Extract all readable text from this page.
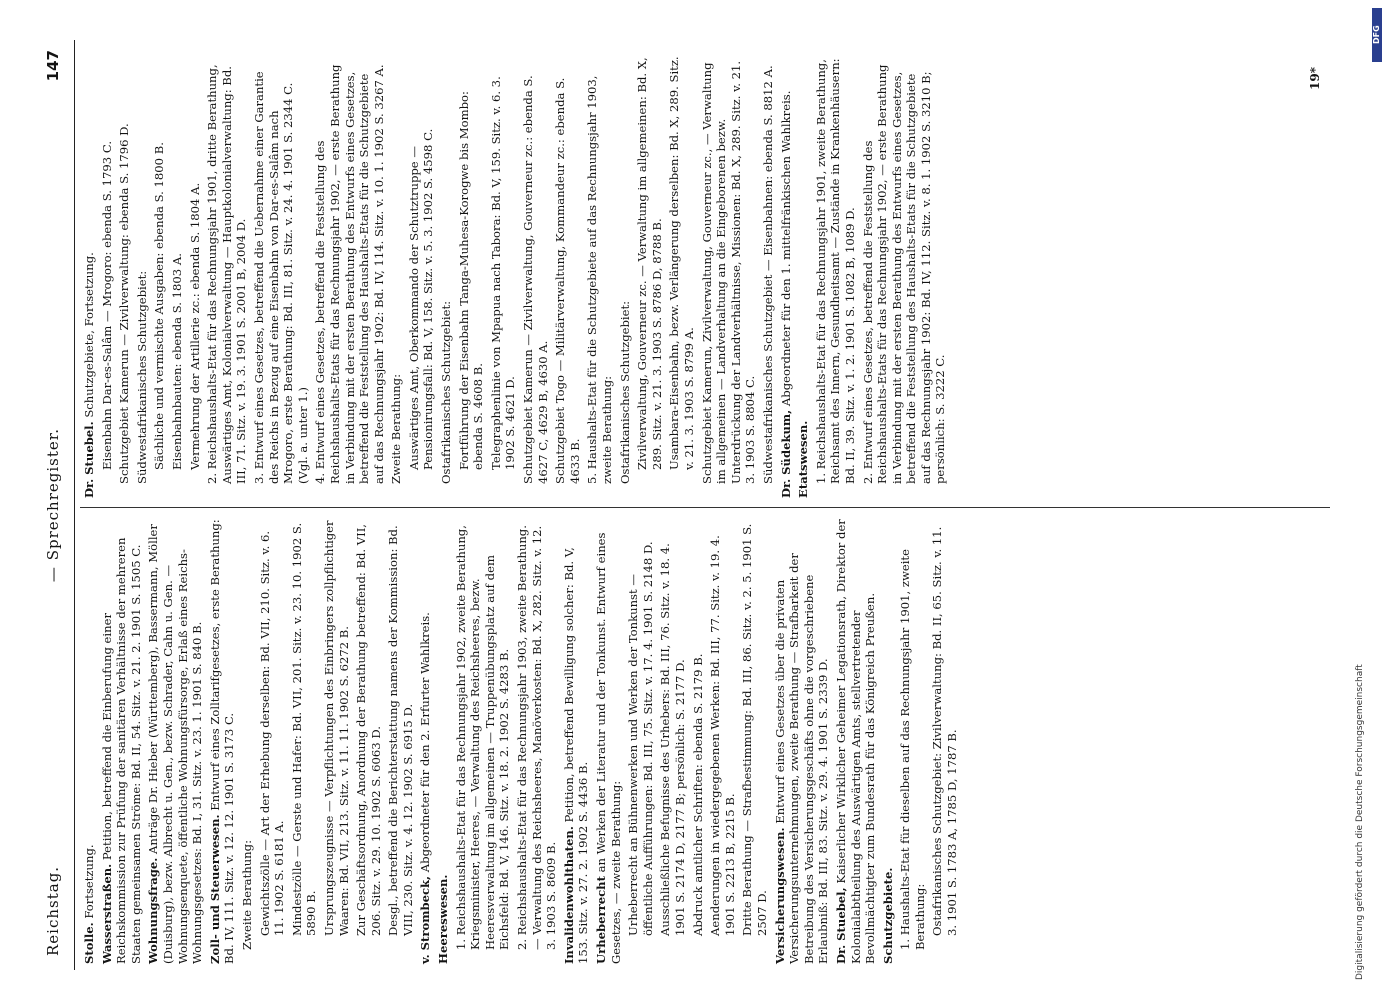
Reichstag.
— Sprechregister.
147
Stolle. Fortsetzung. Wasserstraßen. Petition, betreffend die Einberufung einer Reichskommission zur Prüfung der sanitären Verhältnisse der mehreren Staaten gemeinsamen Ströme: Bd. II, 54. Sitz. v. 21. 2. 1901 S. 1505 C. Wohnungsfrage. Anträge Dr. Hieber (Württemberg), Bassermann, Möller (Duisburg), bezw. Albrecht u. Gen., bezw. Schrader, Cahn u. Gen. — Wohnungsenquete, öffentliche Wohnungsfürsorge, Erlaß eines Reichs-Wohnungsgesetzes: Bd. I, 31. Sitz. v. 23. 1. 1901 S. 840 B. Zoll- und Steuerwesen. Entwurf eines Zolltarifgesetzes, erste Berathung: Bd. IV, 111. Sitz. v. 12. 12. 1901 S. 3173 C. Zweite Berathung: Gewichtszölle — Art der Erhebung derselben: Bd. VII, 210. Sitz. v. 6. 11. 1902 S. 6181 A. Mindestzölle — Gerste und Hafer: Bd. VII, 201. Sitz. v. 23. 10. 1902 S. 5890 B. Ursprungszeugnisse — Verpflichtungen des Einbringers zollpflichtiger Waaren: Bd. VII, 213. Sitz. v. 11. 11. 1902 S. 6272 B. Zur Geschäftsordnung, Anordnung der Berathung betreffend: Bd. VII, 206. Sitz. v. 29. 10. 1902 S. 6063 D. Desgl., betreffend die Berichterstattung namens der Kommission: Bd. VIII, 230. Sitz. v. 4. 12. 1902 S. 6915 D. v. Strombeck, Abgeordneter für den 2. Erfurter Wahlkreis.
Heereswesen. 1. Reichshaushalts-Etat für das Rechnungsjahr 1902, zweite Berathung, Kriegsminister, Heeres, — Verwaltung des Reichsheeres, bezw. Heeresverwaltung im allgemeinen — Truppenübungsplatz auf dem Eichsfeld: Bd. V, 146. Sitz. v. 18. 2. 1902 S. 4283 B. 2. Reichshaushalts-Etat für das Rechnungsjahr 1903, zweite Berathung. — Verwaltung des Reichsheeres, Manöverkosten: Bd. X, 282. Sitz. v. 12. 3. 1903 S. 8609 B. Invalidenwohlthaten. Petition, betreffend Bewilligung solcher: Bd. V, 153. Sitz. v. 27. 2. 1902 S. 4436 B. Urheberrecht an Werken der Literatur und der Tonkunst. Entwurf eines Gesetzes, — zweite Berathung: Urheberrecht an Bühnenwerken und Werken der Tonkunst — öffentliche Aufführungen: Bd. III, 75. Sitz. v. 17. 4. 1901 S. 2148 D. Ausschließliche Befugnisse des Urhebers: Bd. III, 76. Sitz. v. 18. 4. 1901 S. 2174 D, 2177 B; persönlich: S. 2177 D. Abdruck amtlicher Schriften: ebenda S. 2179 B. Aenderungen in wiedergegebenen Werken: Bd. III, 77. Sitz. v. 19. 4. 1901 S. 2213 B, 2215 B. Dritte Berathung — Strafbestimmung: Bd. III, 86. Sitz. v. 2. 5. 1901 S. 2507 D. Versicherungswesen. Entwurf eines Gesetzes über die privaten Versicherungsunternehmungen, zweite Berathung — Strafbarkeit der Betreibung des Versicherungsgeschäfts ohne die vorgeschriebene Erlaubniß: Bd. III, 83. Sitz. v. 29. 4. 1901 S. 2339 D. Dr. Stuebel, Kaiserlicher Wirklicher Geheimer Legationsrath, Direktor der Kolonialabtheilung des Auswärtigen Amts, stellvertretender Bevollmächtigter zum Bundesrath für das Königreich Preußen. Schutzgebiete. 1. Haushalts-Etat für dieselben auf das Rechnungsjahr 1901, zweite Berathung: Ostafrikanisches Schutzgebiet: Zivilverwaltung: Bd. II, 65. Sitz. v. 11. 3. 1901 S. 1783 A, 1785 D, 1787 B.
Dr. Stuebel. Schutzgebiete, Fortsetzung. Eisenbahn Dar-es-Salâm — Mrogoro: ebenda S. 1793 C. Schutzgebiet Kamerun — Zivilverwaltung: ebenda S. 1796 D. Südwestafrikanisches Schutzgebiet: Sächliche und vermischte Ausgaben: ebenda S. 1800 B. Eisenbahnbauten: ebenda S. 1803 A. Vermehrung der Artillerie zc.: ebenda S. 1804 A. 2. Reichshaushalts-Etat für das Rechnungsjahr 1901, dritte Berathung, Auswärtiges Amt, Kolonialverwaltung — Hauptkolonialverwaltung: Bd. III, 71. Sitz. v. 19. 3. 1901 S. 2001 B, 2004 D. 3. Entwurf eines Gesetzes, betreffend die Uebernahme einer Garantie des Reichs in Bezug auf eine Eisenbahn von Dar-es-Salâm nach Mrogoro, erste Berathung: Bd. III, 81. Sitz. v. 24. 4. 1901 S. 2344 C. (Vgl. a. unter 1.) 4. Entwurf eines Gesetzes, betreffend die Feststellung des Reichshaushalts-Etats für das Rechnungsjahr 1902, — erste Berathung in Verbindung mit der ersten Berathung des Entwurfs eines Gesetzes, betreffend die Feststellung des Haushalts-Etats für die Schutzgebiete auf das Rechnungsjahr 1902: Bd. IV, 114. Sitz. v. 10. 1. 1902 S. 3267 A. Zweite Berathung: Auswärtiges Amt, Oberkommando der Schutztruppe — Pensionirungsfall: Bd. V, 158. Sitz. v. 5. 3. 1902 S. 4598 C. Ostafrikanisches Schutzgebiet: Fortführung der Eisenbahn Tanga-Muhesa-Korogwe bis Mombo: ebenda S. 4608 B. Telegraphenlinie von Mpapua nach Tabora: Bd. V, 159. Sitz. v. 6. 3. 1902 S. 4621 D. Schutzgebiet Kamerun — Zivilverwaltung, Gouverneur zc.: ebenda S. 4627 C, 4629 B, 4630 A. Schutzgebiet Togo — Militärverwaltung, Kommandeur zc.: ebenda S. 4633 B. 5. Haushalts-Etat für die Schutzgebiete auf das Rechnungsjahr 1903, zweite Berathung: Ostafrikanisches Schutzgebiet: Zivilverwaltung, Gouverneur zc. — Verwaltung im allgemeinen: Bd. X, 289. Sitz. v. 21. 3. 1903 S. 8786 D, 8788 B. Usambara-Eisenbahn, bezw. Verlängerung derselben: Bd. X, 289. Sitz. v. 21. 3. 1903 S. 8799 A. Schutzgebiet Kamerun, Zivilverwaltung, Gouverneur zc., — Verwaltung im allgemeinen — Landverhaltung an die Eingeborenen bezw. Unterdrückung der Landverhältnisse, Missionen: Bd. X, 289. Sitz. v. 21. 3. 1903 S. 8804 C. Südwestafrikanisches Schutzgebiet — Eisenbahnen: ebenda S. 8812 A. Dr. Südekum, Abgeordneter für den 1. mittelfränkischen Wahlkreis.
Etatswesen. 1. Reichshaushalts-Etat für das Rechnungsjahr 1901, zweite Berathung, Reichsamt des Innern, Gesundheitsamt — Zustände in Krankenhäusern: Bd. II, 39. Sitz. v. 1. 2. 1901 S. 1082 B, 1089 D. 2. Entwurf eines Gesetzes, betreffend die Feststellung des Reichshaushalts-Etats für das Rechnungsjahr 1902, — erste Berathung in Verbindung mit der ersten Berathung des Entwurfs eines Gesetzes, betreffend die Feststellung des Haushalts-Etats für die Schutzgebiete auf das Rechnungsjahr 1902: Bd. IV, 112. Sitz. v. 8. 1. 1902 S. 3210 B; persönlich: S. 3222 C.
19*
Digitalisierung gefördert durch die Deutsche Forschungsgemeinschaft
DFG
